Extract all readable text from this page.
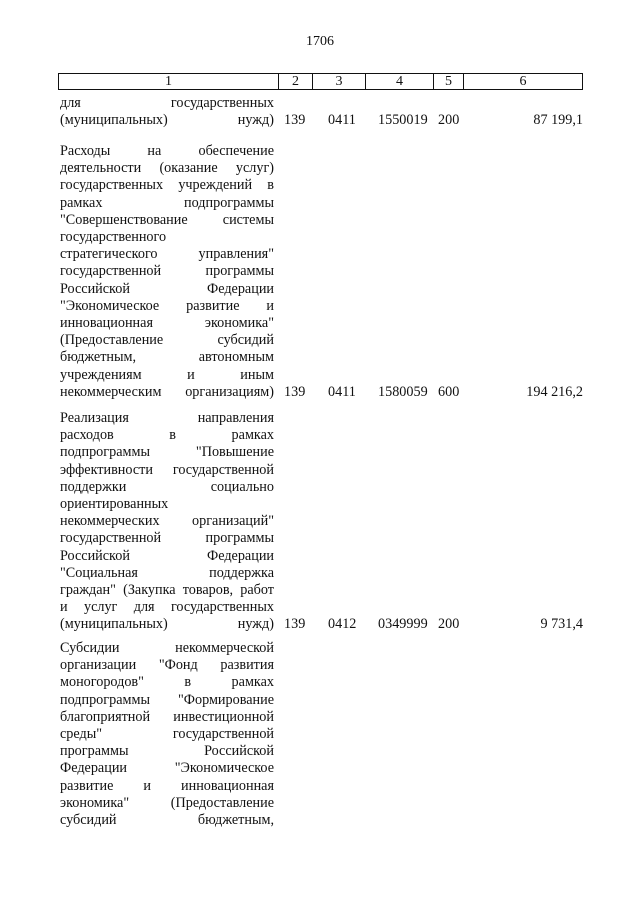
1706
1	2	3	4	5	6
для государственных
(муниципальных) нужд) 139 0411 1550019 200	87 199,1
Расходы на обеспечение
деятельности (оказание услуг)
государственных учреждений в
рамках подпрограммы
"Совершенствование системы
государственного
стратегического управления"
государственной программы
Российской Федерации
"Экономическое развитие и
инновационная экономика"
(Предоставление субсидий
бюджетным, автономным
учреждениям и иным
некоммерческим организациям) 139 0411 1580059 600	194 216,2
Реализация направления
расходов в рамках
подпрограммы "Повышение
эффективности государственной
поддержки социально
ориентированных
некоммерческих организаций"
государственной программы
Российской Федерации
"Социальная поддержка
граждан" (Закупка товаров, работ
и услуг для государственных
(муниципальных) нужд) 139 0412 0349999 200	9 731,4
Субсидии некоммерческой
организации "Фонд развития
моногородов" в рамках
подпрограммы "Формирование
благоприятной инвестиционной
среды" государственной
программы Российской
Федерации "Экономическое
развитие и инновационная
экономика" (Предоставление
субсидий бюджетным,
